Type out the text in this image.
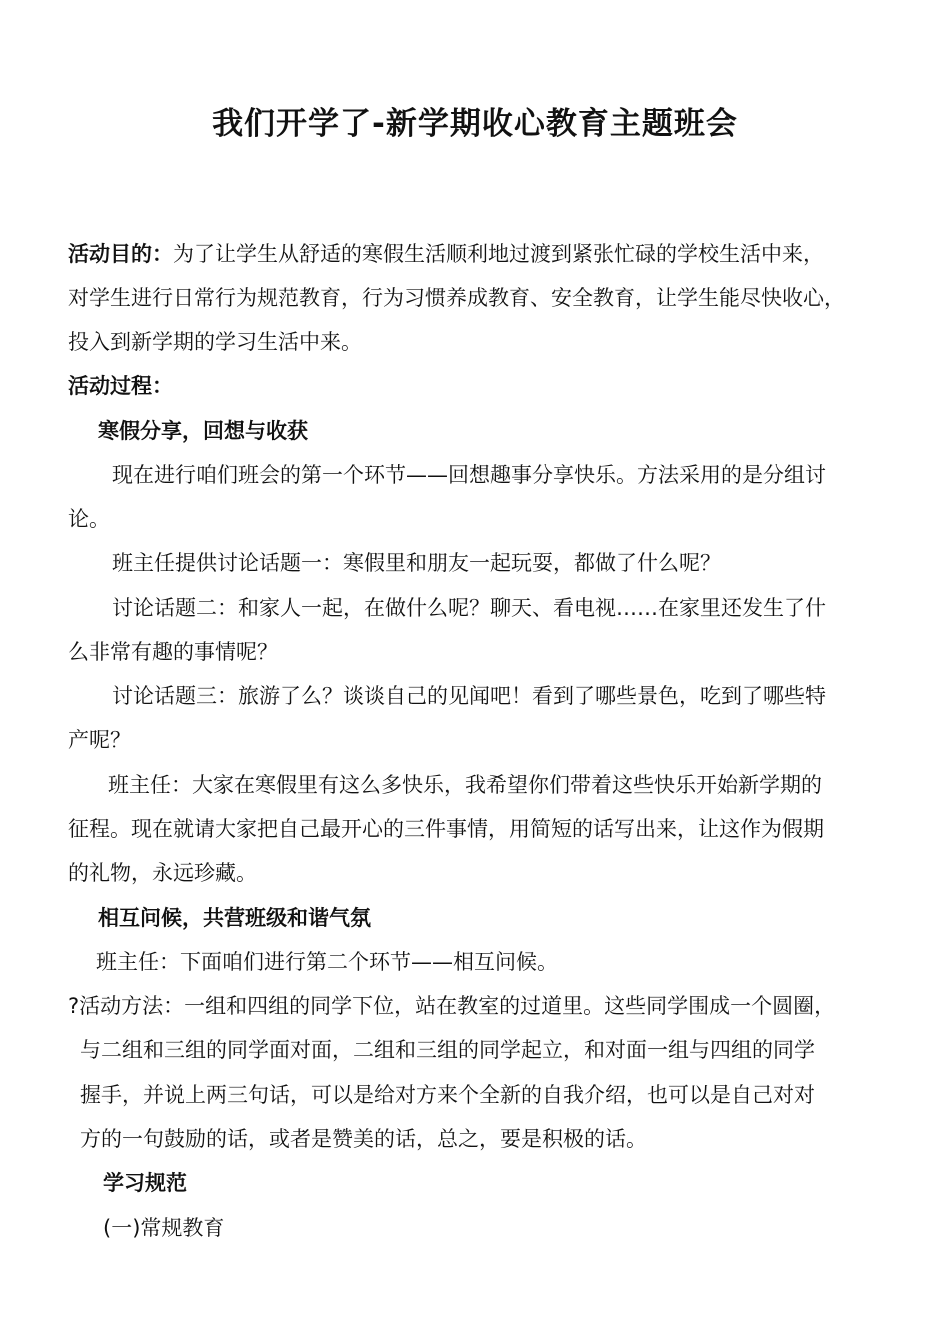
我们开学了-新学期收心教育主题班会
活动目的：为了让学生从舒适的寒假生活顺利地过渡到紧张忙碌的学校生活中来，
对学生进行日常行为规范教育，行为习惯养成教育、安全教育，让学生能尽快收心，
投入到新学期的学习生活中来。
活动过程：
寒假分享，回想与收获
现在进行咱们班会的第一个环节——回想趣事分享快乐。方法采用的是分组讨
论。
班主任提供讨论话题一：寒假里和朋友一起玩耍，都做了什么呢？
讨论话题二：和家人一起，在做什么呢？聊天、看电视……在家里还发生了什
么非常有趣的事情呢？
讨论话题三：旅游了么？谈谈自己的见闻吧！看到了哪些景色，吃到了哪些特
产呢？
班主任：大家在寒假里有这么多快乐，我希望你们带着这些快乐开始新学期的
征程。现在就请大家把自己最开心的三件事情，用简短的话写出来，让这作为假期
的礼物，永远珍藏。
相互问候，共营班级和谐气氛
班主任：下面咱们进行第二个环节——相互问候。
?活动方法：一组和四组的同学下位，站在教室的过道里。这些同学围成一个圆圈，
与二组和三组的同学面对面，二组和三组的同学起立，和对面一组与四组的同学
握手，并说上两三句话，可以是给对方来个全新的自我介绍，也可以是自己对对
方的一句鼓励的话，或者是赞美的话，总之，要是积极的话。
学习规范
(一)常规教育
